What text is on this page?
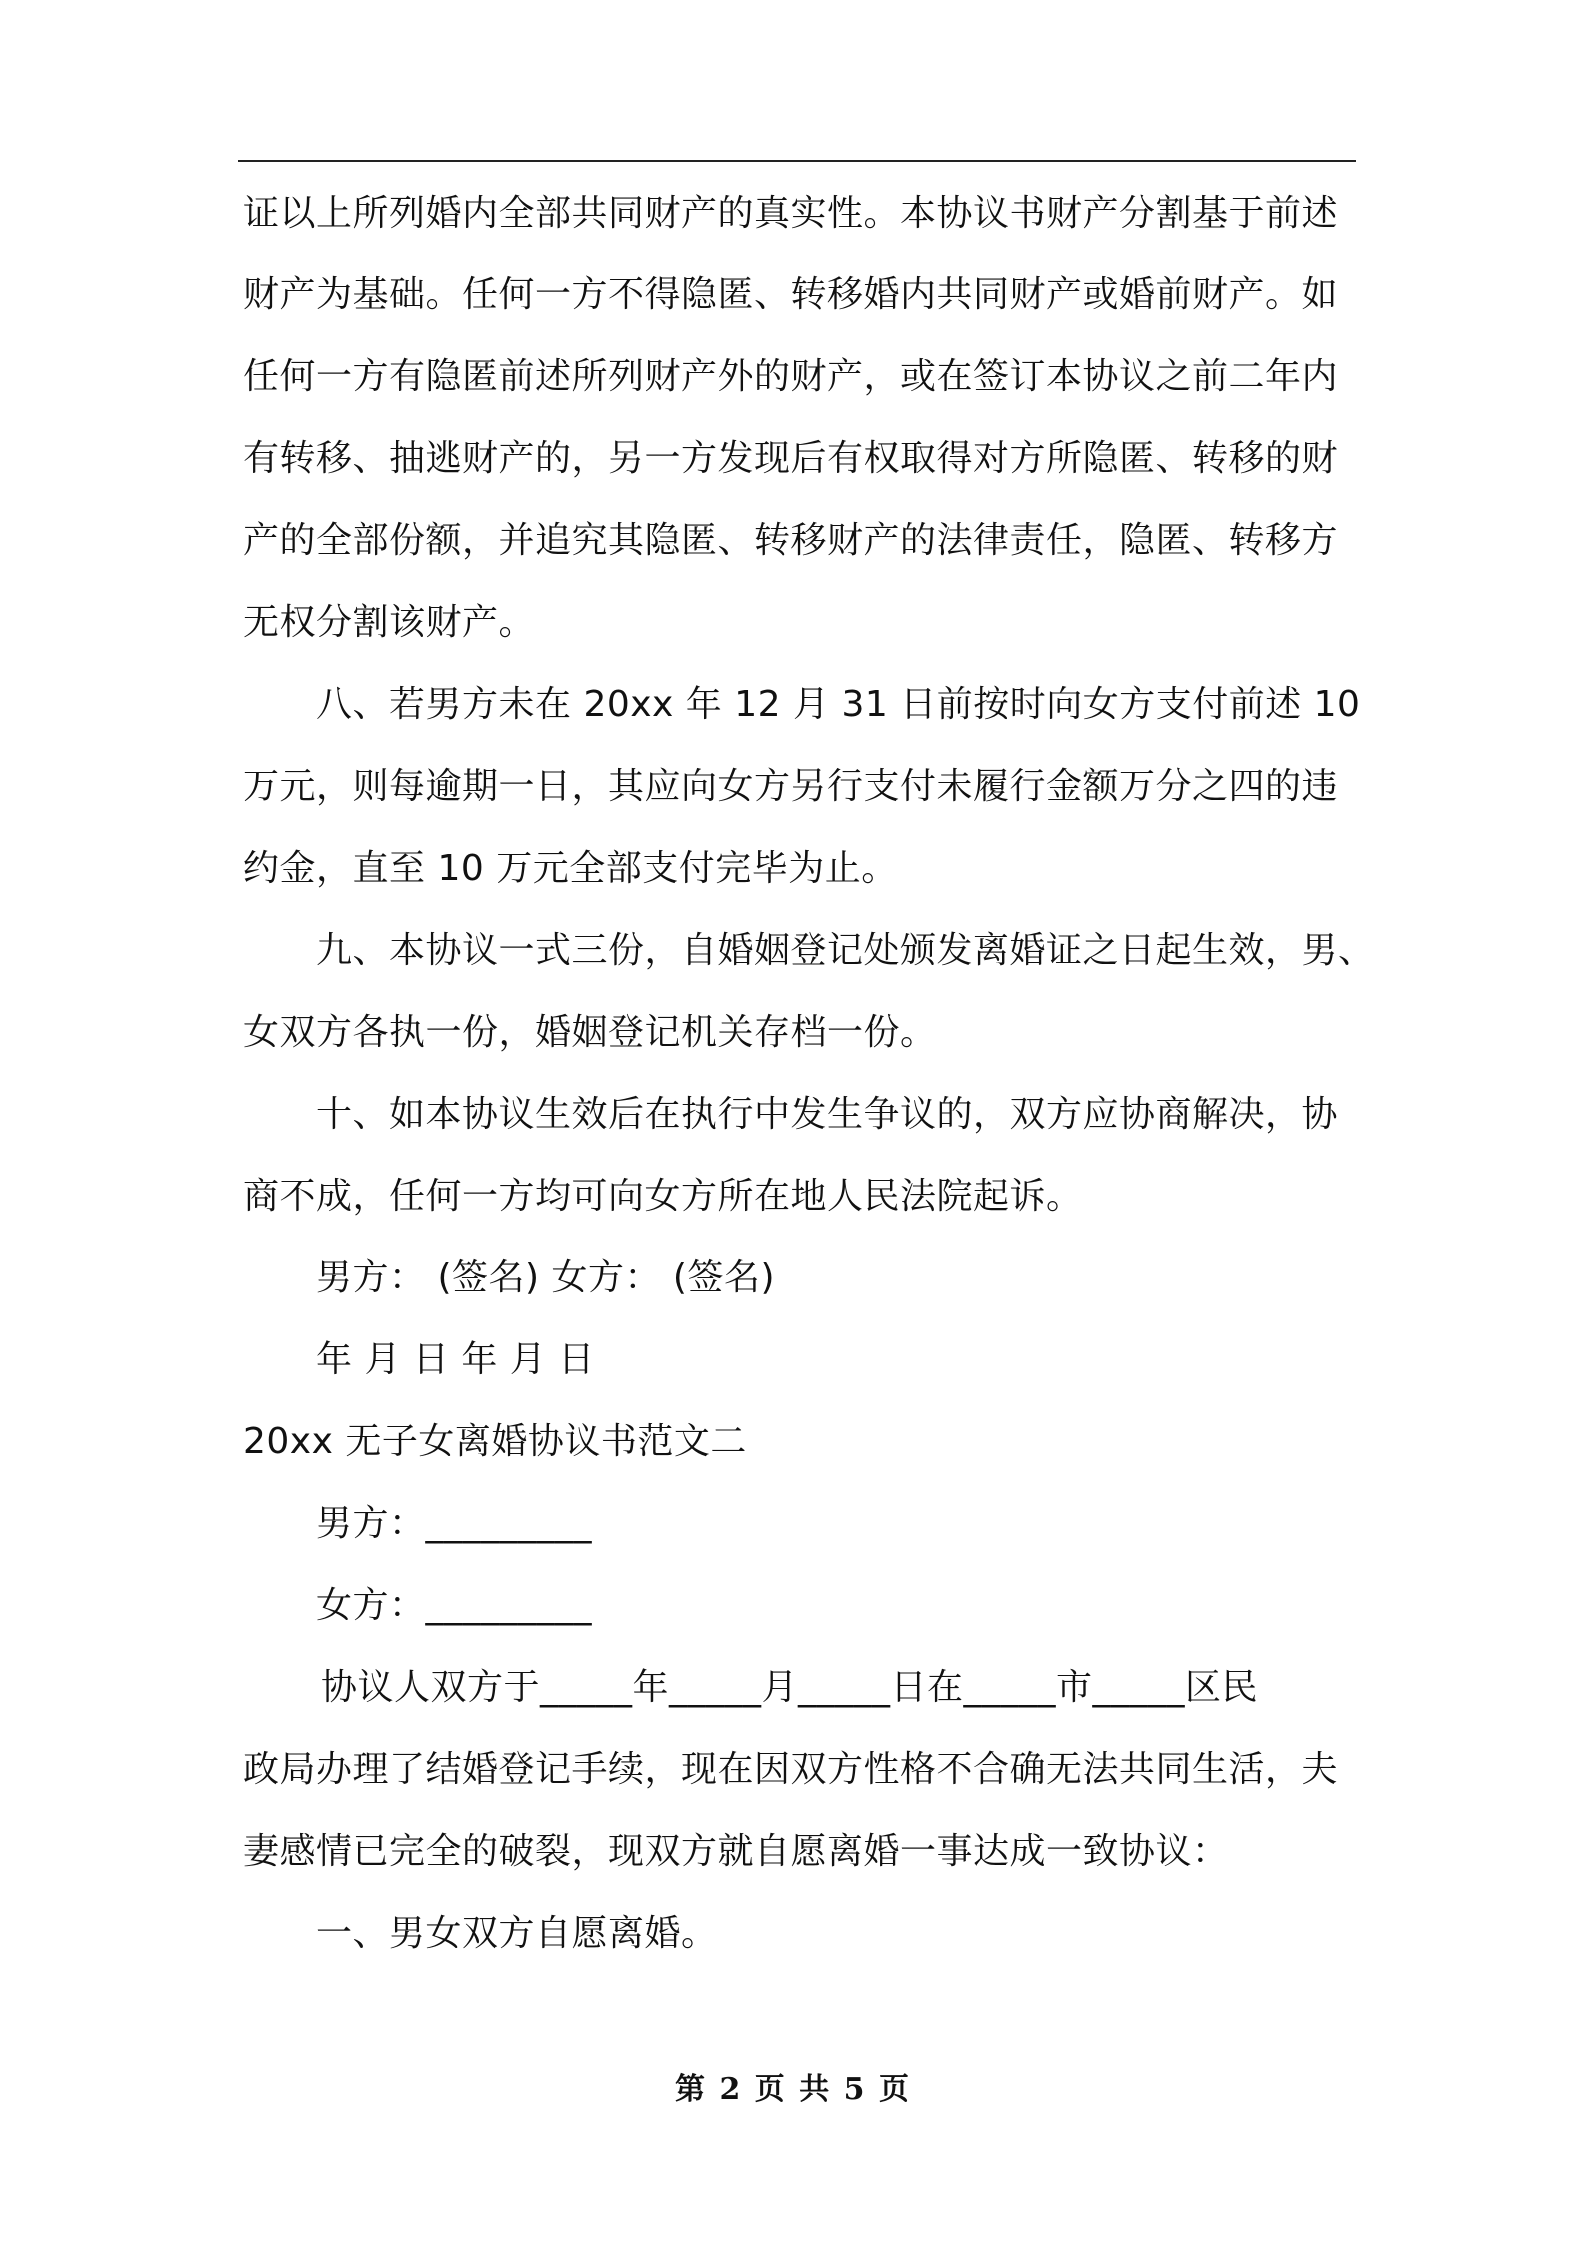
证以上所列婚内全部共同财产的真实性。本协议书财产分割基于前述
财产为基础。任何一方不得隐匿、转移婚内共同财产或婚前财产。如
任何一方有隐匿前述所列财产外的财产，或在签订本协议之前二年内
有转移、抽逃财产的，另一方发现后有权取得对方所隐匿、转移的财
产的全部份额，并追究其隐匿、转移财产的法律责任，隐匿、转移方
无权分割该财产。
八、若男方未在 20xx 年 12 月 31 日前按时向女方支付前述 10
万元，则每逾期一日，其应向女方另行支付未履行金额万分之四的违
约金，直至 10 万元全部支付完毕为止。
九、本协议一式三份，自婚姻登记处颁发离婚证之日起生效，男、
女双方各执一份，婚姻登记机关存档一份。
十、如本协议生效后在执行中发生争议的，双方应协商解决，协
商不成，任何一方均可向女方所在地人民法院起诉。
男方： (签名) 女方： (签名)
年 月 日 年 月 日
20xx 无子女离婚协议书范文二
男方：_________
女方：_________
协议人双方于_____年_____月_____日在_____市_____区民
政局办理了结婚登记手续，现在因双方性格不合确无法共同生活，夫
妻感情已完全的破裂，现双方就自愿离婚一事达成一致协议：
一、男女双方自愿离婚。
第 2 页 共 5 页
